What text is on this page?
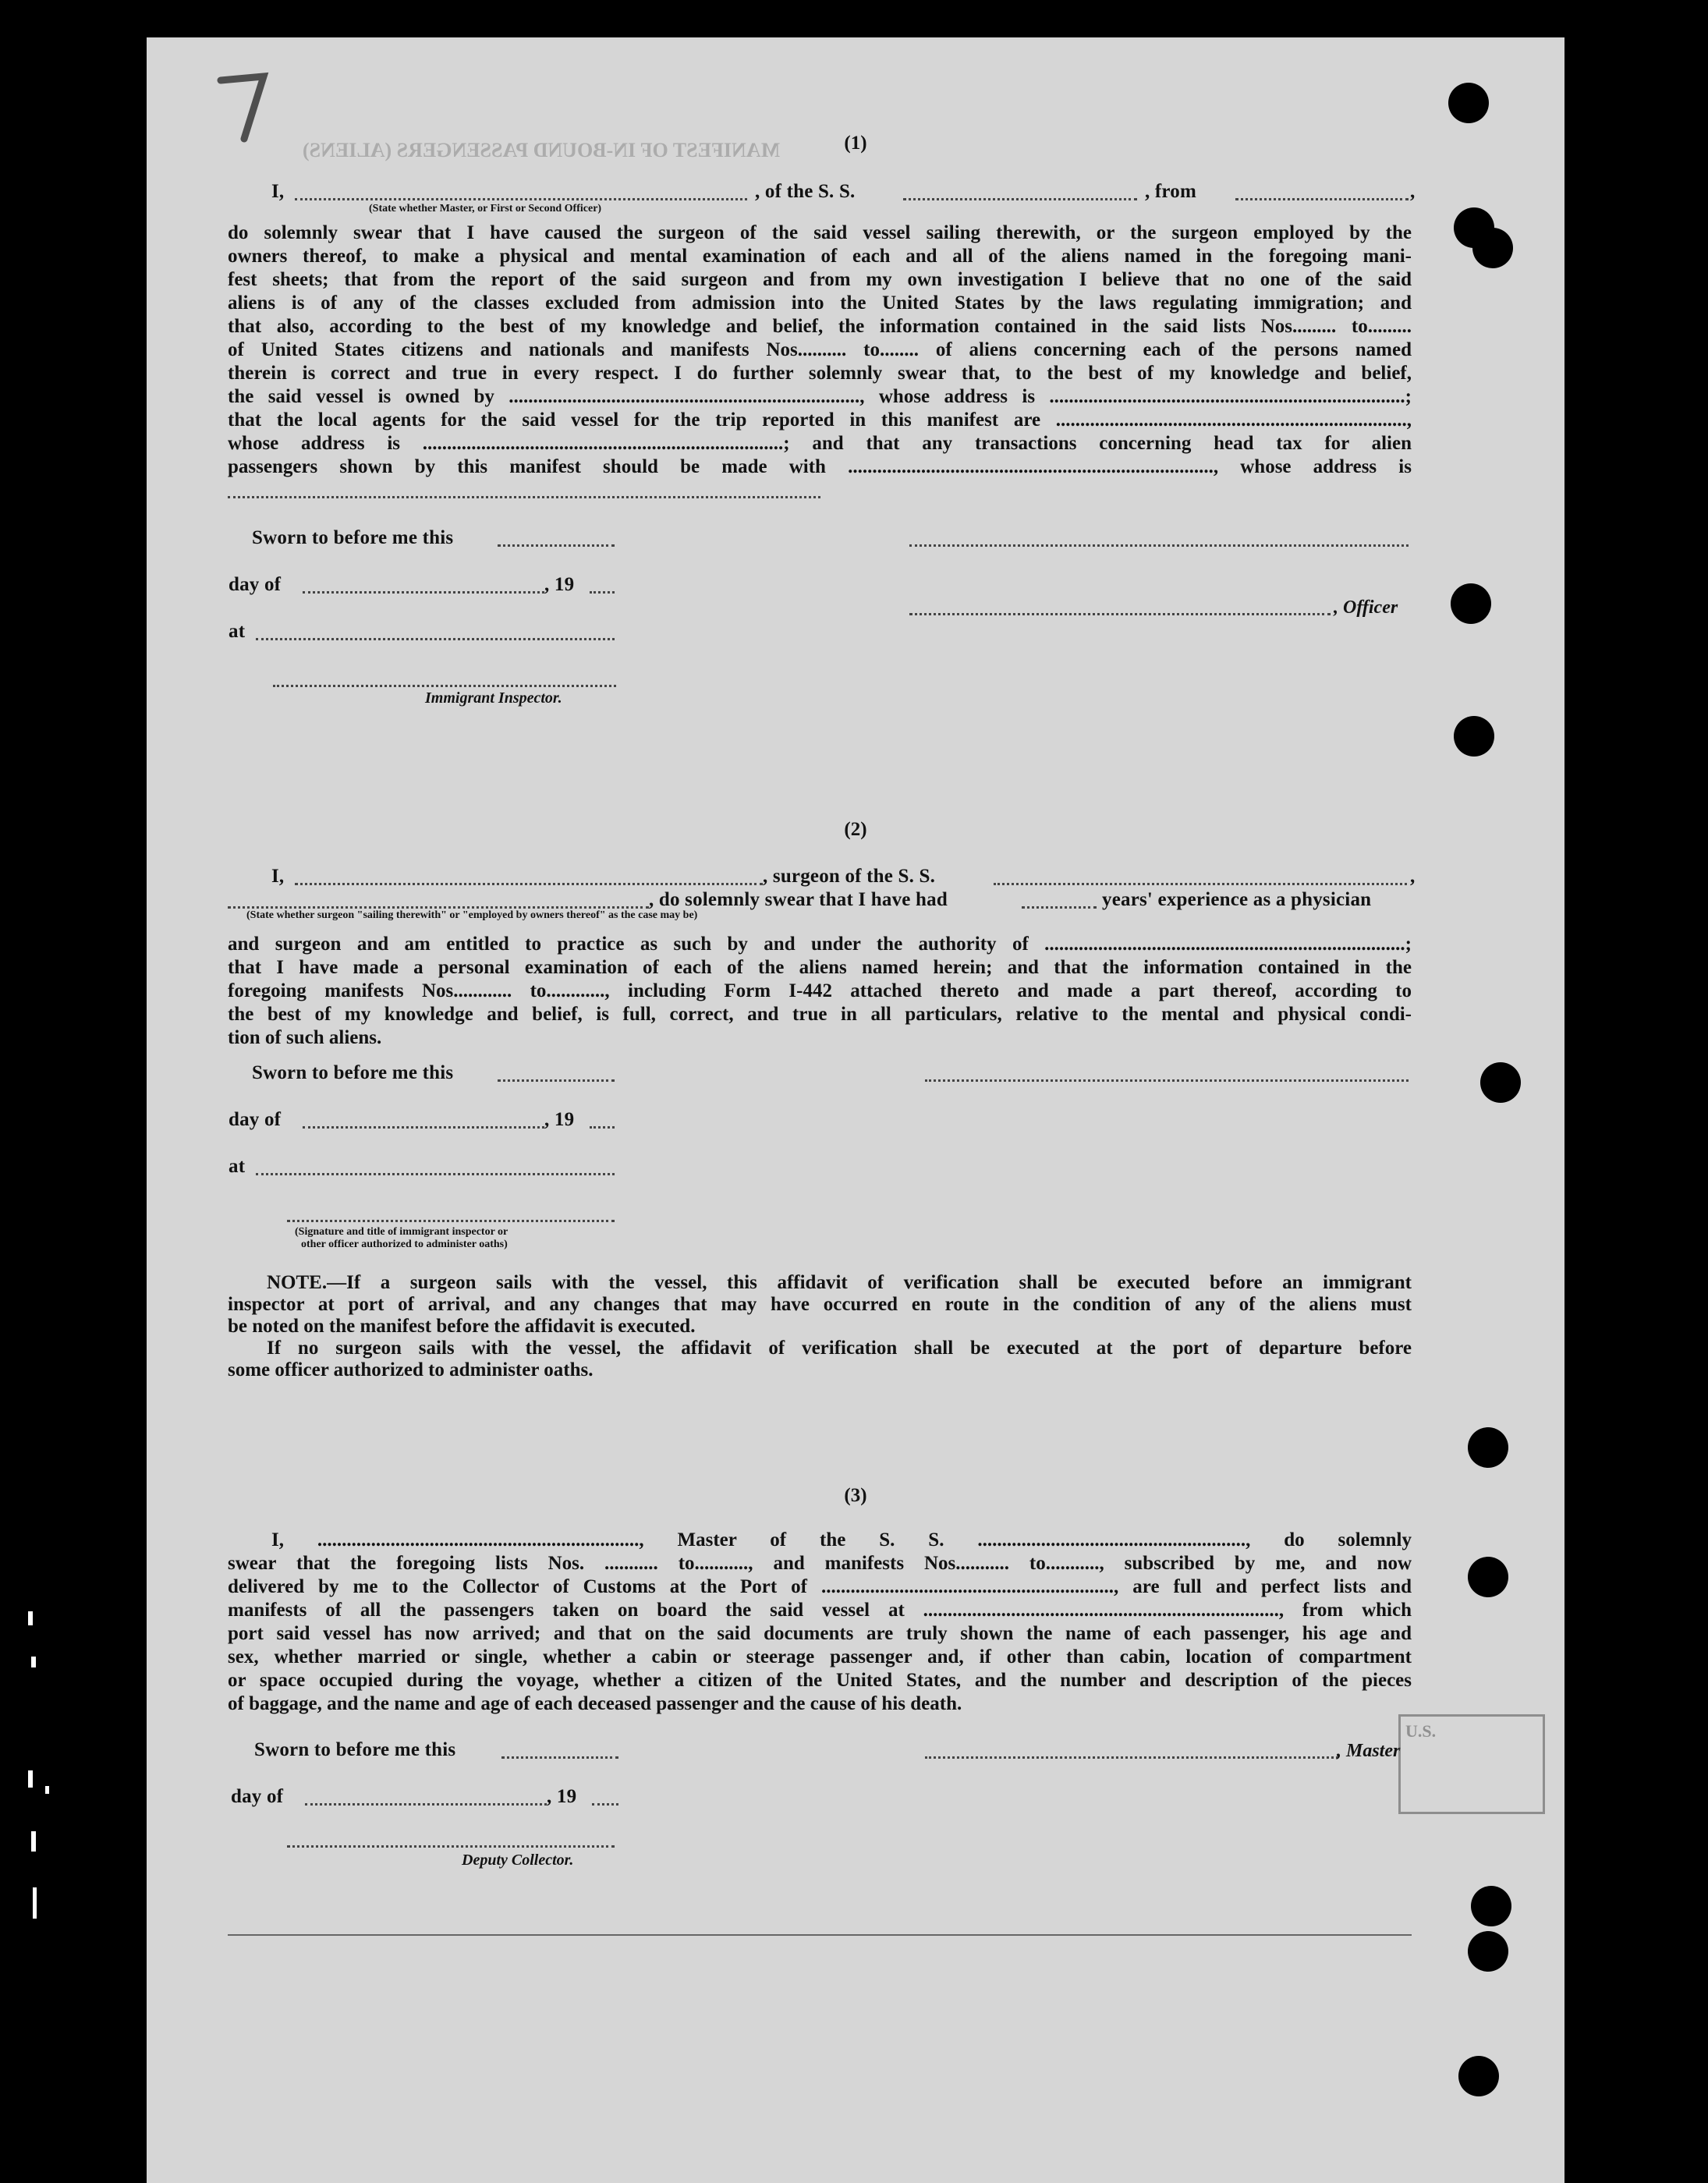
MANIFEST OF IN-BOUND PASSENGERS (ALIENS)	(1)
I,	, of the S. S.	, from	,
(State whether Master, or First or Second Officer)
do solemnly swear that I have caused the surgeon of the said vessel sailing therewith, or the surgeon employed by the
owners thereof, to make a physical and mental examination of each and all of the aliens named in the foregoing mani-
fest sheets; that from the report of the said surgeon and from my own investigation I believe that no one of the said
aliens is of any of the classes excluded from admission into the United States by the laws regulating immigration; and
that also, according to the best of my knowledge and belief, the information contained in the said lists Nos......... to.........
of United States citizens and nationals and manifests Nos.......... to........ of aliens concerning each of the persons named
therein is correct and true in every respect. I do further solemnly swear that, to the best of my knowledge and belief,
the said vessel is owned by ........................................................................, whose address is .........................................................................;
that the local agents for the said vessel for the trip reported in this manifest are ........................................................................,
whose address is ..........................................................................; and that any transactions concerning head tax for alien
passengers shown by this manifest should be made with ..........................................................................., whose address is
Sworn to before me this
day of	, 19
, Officer
at
Immigrant Inspector.
(2)
I,	, surgeon of the S. S.	,
, do solemnly swear that I have had	years' experience as a physician
(State whether surgeon "sailing therewith" or "employed by owners thereof" as the case may be)
and surgeon and am entitled to practice as such by and under the authority of ..........................................................................;
that I have made a personal examination of each of the aliens named herein; and that the information contained in the
foregoing manifests Nos............ to............, including Form I-442 attached thereto and made a part thereof, according to
the best of my knowledge and belief, is full, correct, and true in all particulars, relative to the mental and physical condi-
tion of such aliens.
Sworn to before me this
day of	, 19
at
(Signature and title of immigrant inspector or
other officer authorized to administer oaths)
NOTE.—If a surgeon sails with the vessel, this affidavit of verification shall be executed before an immigrant
inspector at port of arrival, and any changes that may have occurred en route in the condition of any of the aliens must
be noted on the manifest before the affidavit is executed.
If no surgeon sails with the vessel, the affidavit of verification shall be executed at the port of departure before
some officer authorized to administer oaths.
(3)
I, .................................................................., Master of the S. S. ......................................................., do solemnly
swear that the foregoing lists Nos. ........... to..........., and manifests Nos........... to..........., subscribed by me, and now
delivered by me to the Collector of Customs at the Port of ............................................................, are full and perfect lists and
manifests of all the passengers taken on board the said vessel at ........................................................................., from which
port said vessel has now arrived; and that on the said documents are truly shown the name of each passenger, his age and
sex, whether married or single, whether a cabin or steerage passenger and, if other than cabin, location of compartment
or space occupied during the voyage, whether a citizen of the United States, and the number and description of the pieces
of baggage, and the name and age of each deceased passenger and the cause of his death.
Sworn to before me this	, Master
day of	, 19
Deputy Collector.
U.S.
